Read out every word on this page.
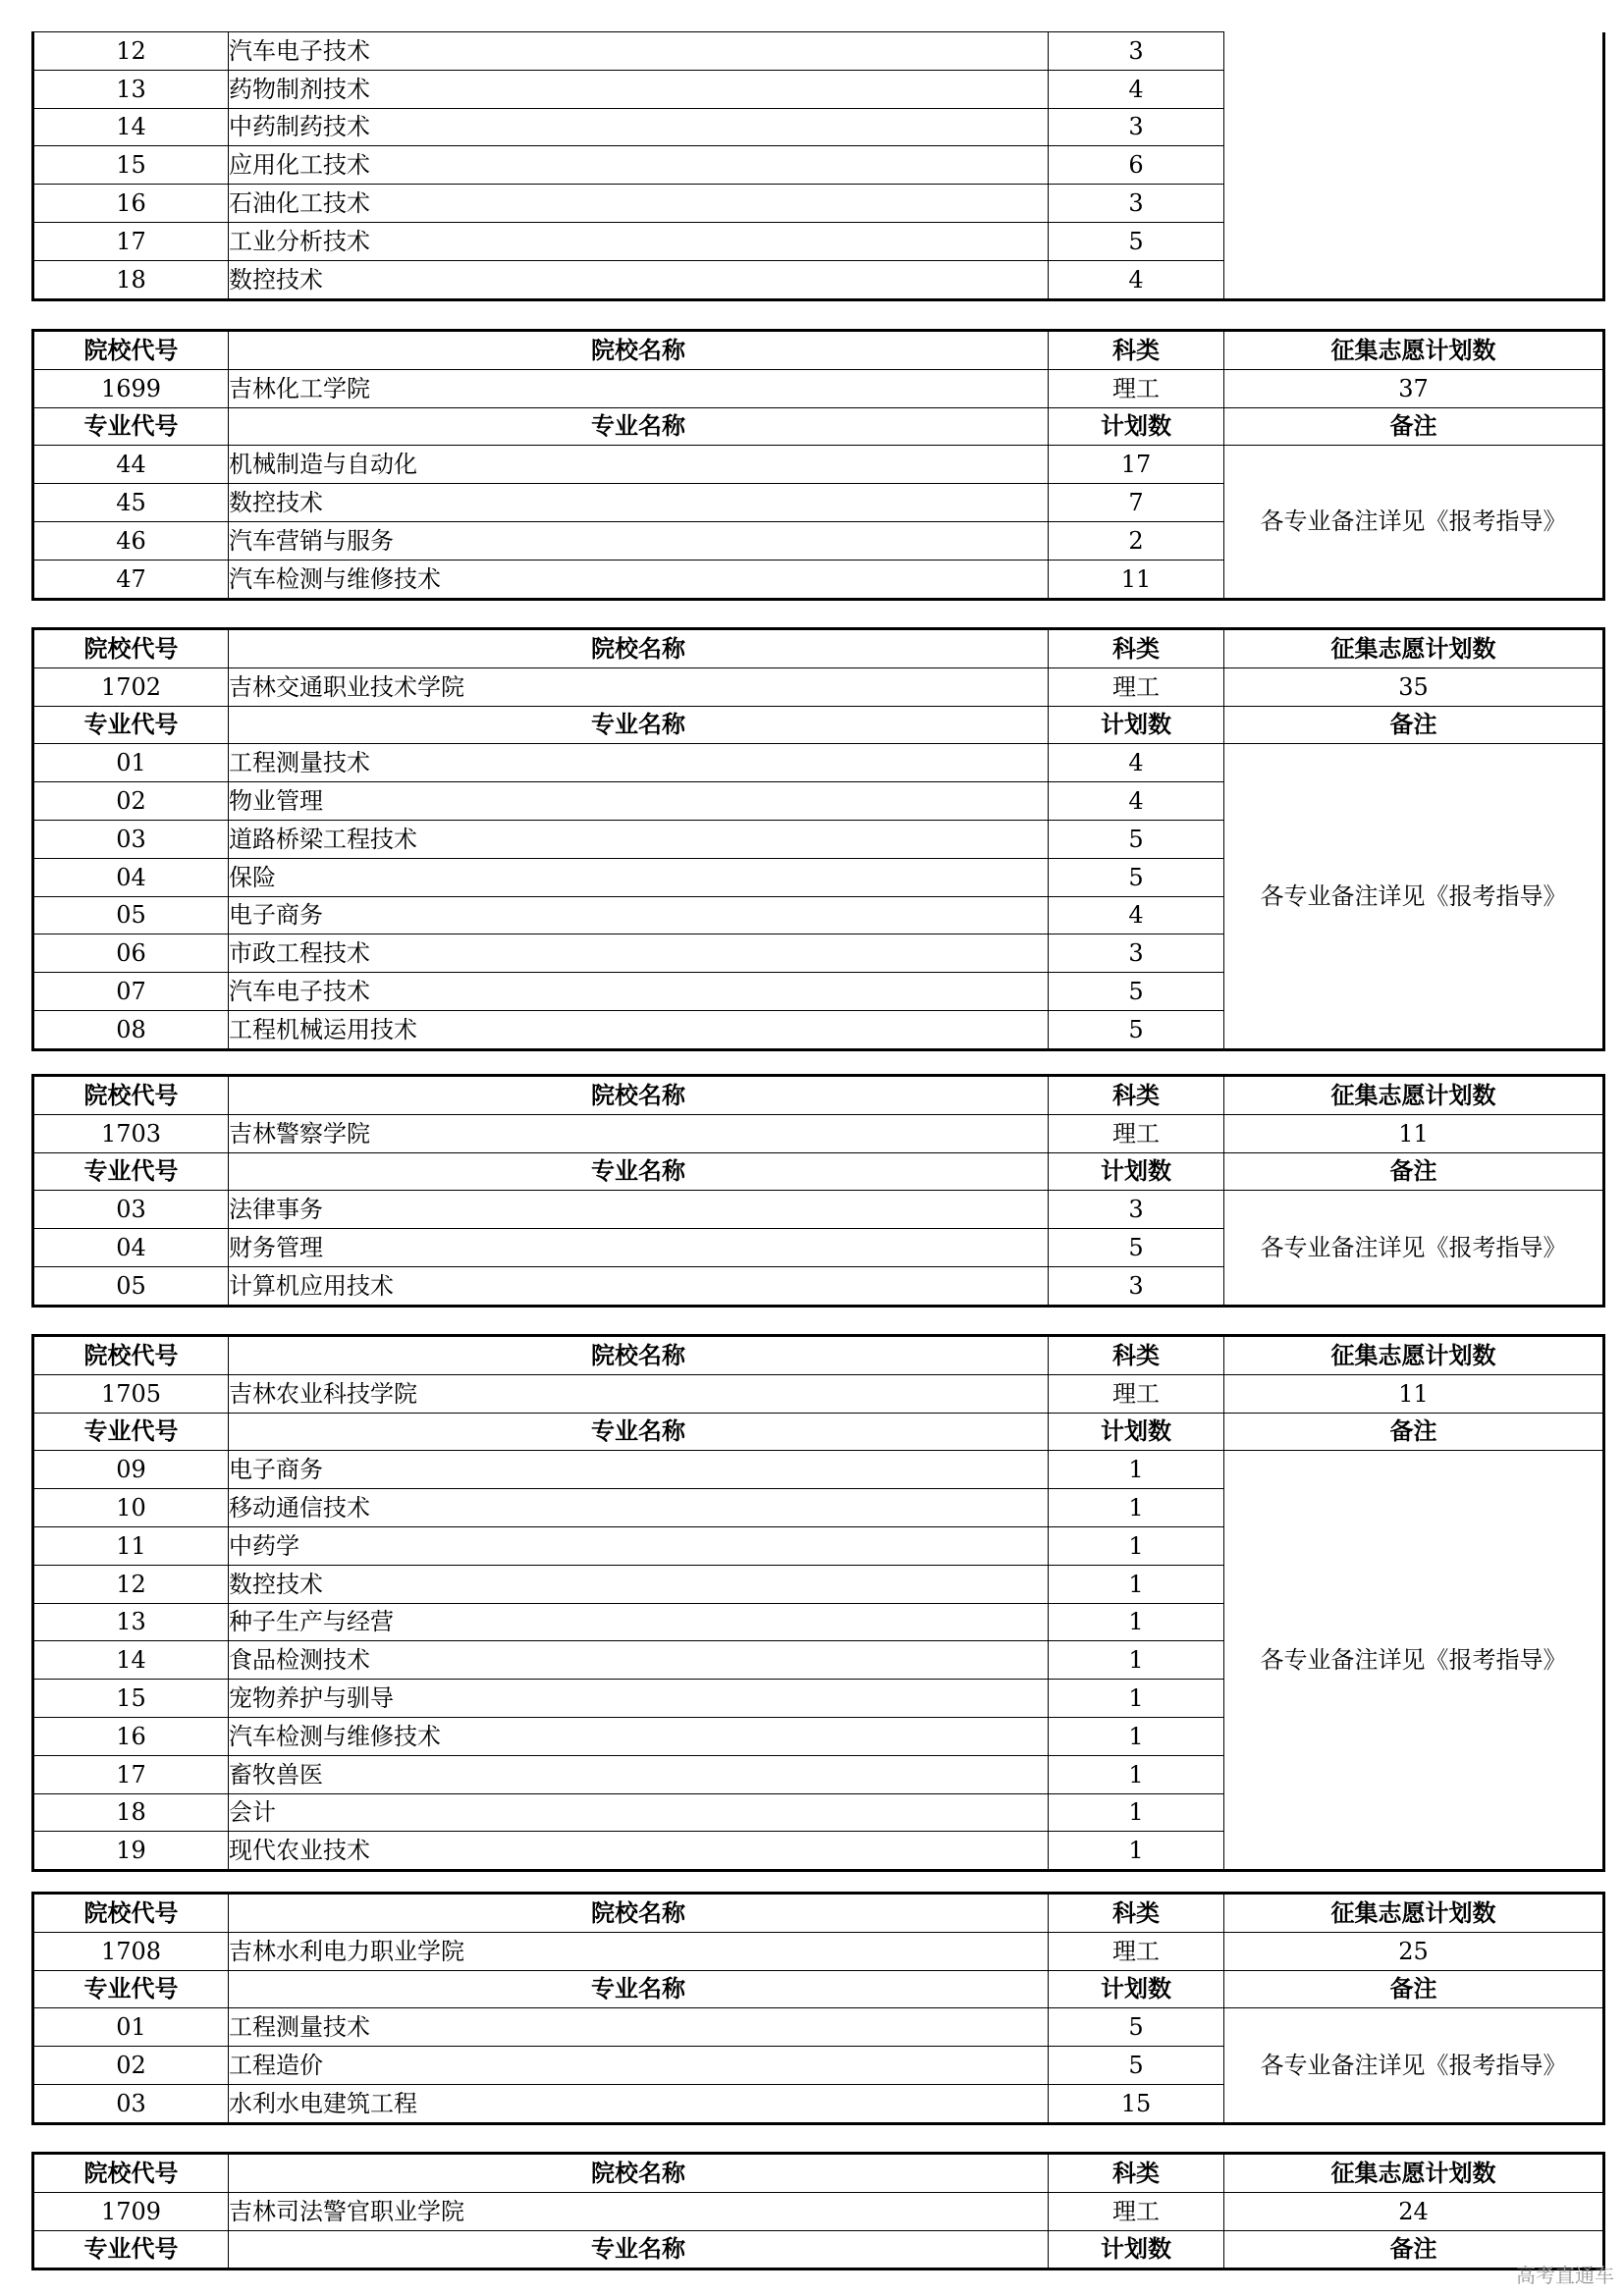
12	汽车电子技术	3	
13	药物制剂技术	4	
14	中药制药技术	3	
15	应用化工技术	6	
16	石油化工技术	3	
17	工业分析技术	5	
18	数控技术	4	
院校代号	院校名称	科类	征集志愿计划数
1699	吉林化工学院	理工	37
专业代号	专业名称	计划数	备注
44	机械制造与自动化	17	各专业备注详见《报考指导》
45	数控技术	7	
46	汽车营销与服务	2	
47	汽车检测与维修技术	11	
院校代号	院校名称	科类	征集志愿计划数
1702	吉林交通职业技术学院	理工	35
专业代号	专业名称	计划数	备注
01	工程测量技术	4	各专业备注详见《报考指导》
02	物业管理	4	
03	道路桥梁工程技术	5	
04	保险	5	
05	电子商务	4	
06	市政工程技术	3	
07	汽车电子技术	5	
08	工程机械运用技术	5	
院校代号	院校名称	科类	征集志愿计划数
1703	吉林警察学院	理工	11
专业代号	专业名称	计划数	备注
03	法律事务	3	各专业备注详见《报考指导》
04	财务管理	5	
05	计算机应用技术	3	
院校代号	院校名称	科类	征集志愿计划数
1705	吉林农业科技学院	理工	11
专业代号	专业名称	计划数	备注
09	电子商务	1	各专业备注详见《报考指导》
10	移动通信技术	1	
11	中药学	1	
12	数控技术	1	
13	种子生产与经营	1	
14	食品检测技术	1	
15	宠物养护与驯导	1	
16	汽车检测与维修技术	1	
17	畜牧兽医	1	
18	会计	1	
19	现代农业技术	1	
院校代号	院校名称	科类	征集志愿计划数
1708	吉林水利电力职业学院	理工	25
专业代号	专业名称	计划数	备注
01	工程测量技术	5	各专业备注详见《报考指导》
02	工程造价	5	
03	水利水电建筑工程	15	
院校代号	院校名称	科类	征集志愿计划数
1709	吉林司法警官职业学院	理工	24
专业代号	专业名称	计划数	备注
高考直通车
